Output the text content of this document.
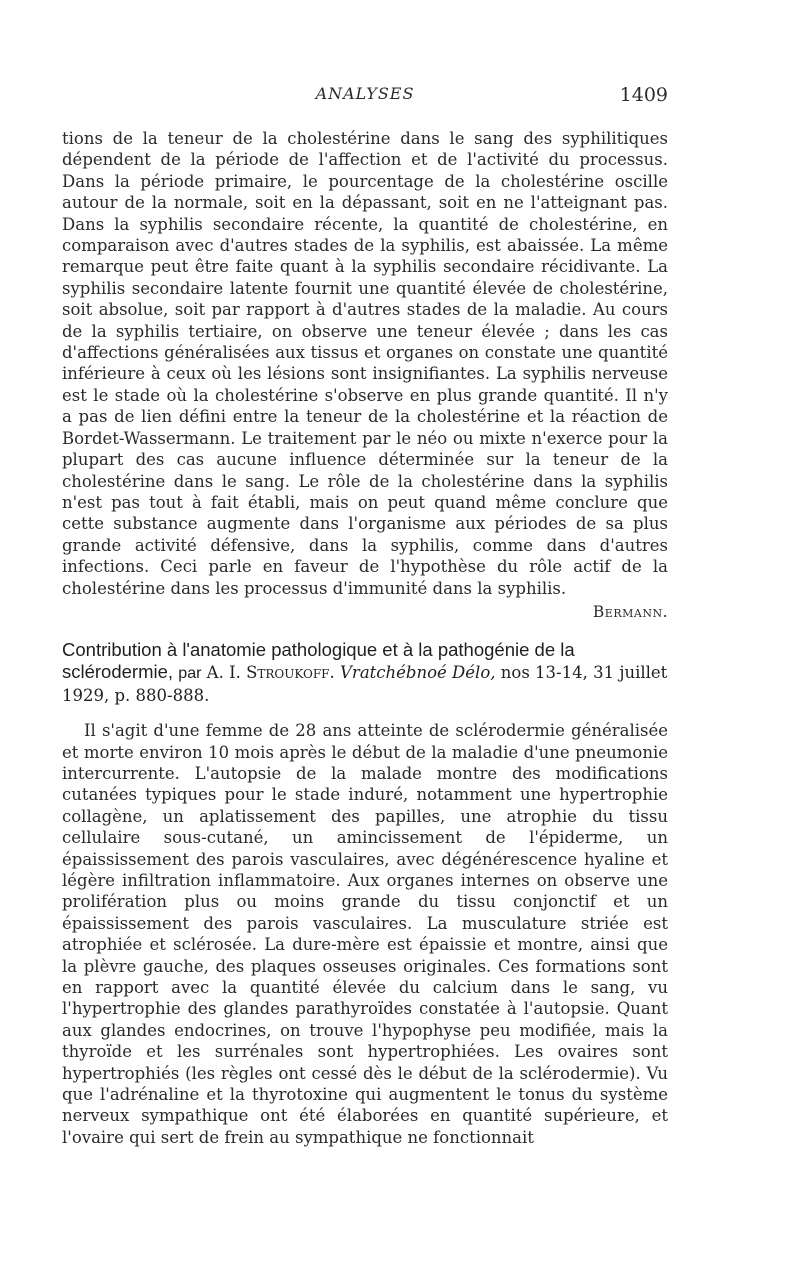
ANALYSES	1409

tions de la teneur de la cholestérine dans le sang des syphilitiques dépendent de la période de l'affection et de l'activité du processus. Dans la période primaire, le pourcentage de la cholestérine oscille autour de la normale, soit en la dépassant, soit en ne l'atteignant pas. Dans la syphilis secondaire récente, la quantité de cholestérine, en comparaison avec d'autres stades de la syphilis, est abaissée. La même remarque peut être faite quant à la syphilis secondaire récidivante. La syphilis secondaire latente fournit une quantité élevée de cholestérine, soit absolue, soit par rapport à d'autres stades de la maladie. Au cours de la syphilis tertiaire, on observe une teneur élevée ; dans les cas d'affections généralisées aux tissus et organes on constate une quantité inférieure à ceux où les lésions sont insignifiantes. La syphilis nerveuse est le stade où la cholestérine s'observe en plus grande quantité. Il n'y a pas de lien défini entre la teneur de la cholestérine et la réaction de Bordet-Wassermann. Le traitement par le néo ou mixte n'exerce pour la plupart des cas aucune influence déterminée sur la teneur de la cholestérine dans le sang. Le rôle de la cholestérine dans la syphilis n'est pas tout à fait établi, mais on peut quand même conclure que cette substance augmente dans l'organisme aux périodes de sa plus grande activité défensive, dans la syphilis, comme dans d'autres infections. Ceci parle en faveur de l'hypothèse du rôle actif de la cholestérine dans les processus d'immunité dans la syphilis.

Bermann.
Contribution à l'anatomie pathologique et à la pathogénie de la sclérodermie, par A. I. Stroukoff. Vratchébnoé Délo, nos 13-14, 31 juillet 1929, p. 880-888.

Il s'agit d'une femme de 28 ans atteinte de sclérodermie généralisée et morte environ 10 mois après le début de la maladie d'une pneumonie intercurrente. L'autopsie de la malade montre des modifications cutanées typiques pour le stade induré, notamment une hypertrophie collagène, un aplatissement des papilles, une atrophie du tissu cellulaire sous-cutané, un amincissement de l'épiderme, un épaississement des parois vasculaires, avec dégénérescence hyaline et légère infiltration inflammatoire. Aux organes internes on observe une prolifération plus ou moins grande du tissu conjonctif et un épaississement des parois vasculaires. La musculature striée est atrophiée et sclérosée. La dure-mère est épaissie et montre, ainsi que la plèvre gauche, des plaques osseuses originales. Ces formations sont en rapport avec la quantité élevée du calcium dans le sang, vu l'hypertrophie des glandes parathyroïdes constatée à l'autopsie. Quant aux glandes endocrines, on trouve l'hypophyse peu modifiée, mais la thyroïde et les surrénales sont hypertrophiées. Les ovaires sont hypertrophiés (les règles ont cessé dès le début de la sclérodermie). Vu que l'adrénaline et la thyrotoxine qui augmentent le tonus du système nerveux sympathique ont été élaborées en quantité supérieure, et l'ovaire qui sert de frein au sympathique ne fonctionnait
